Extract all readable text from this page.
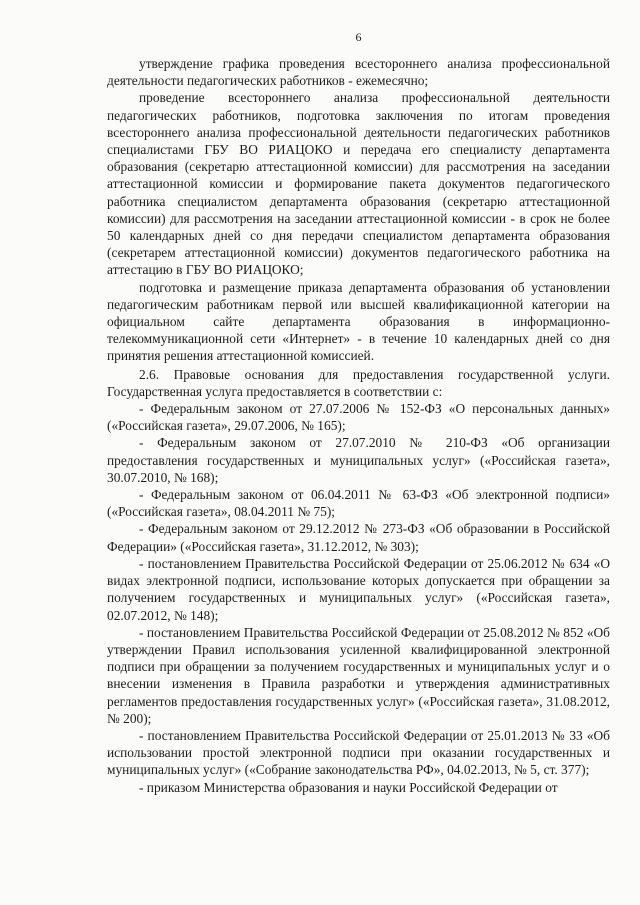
6

утверждение графика проведения всестороннего анализа профессиональной деятельности педагогических работников - ежемесячно;

проведение всестороннего анализа профессиональной деятельности педагогических работников, подготовка заключения по итогам проведения всестороннего анализа профессиональной деятельности педагогических работников специалистами ГБУ ВО РИАЦОКО и передача его специалисту департамента образования (секретарю аттестационной комиссии) для рассмотрения на заседании аттестационной комиссии и формирование пакета документов педагогического работника специалистом департамента образования (секретарю аттестационной комиссии) для рассмотрения на заседании аттестационной комиссии - в срок не более 50 календарных дней со дня передачи специалистом департамента образования (секретарем аттестационной комиссии) документов педагогического работника на аттестацию в ГБУ ВО РИАЦОКО;

подготовка и размещение приказа департамента образования об установлении педагогическим работникам первой или высшей квалификационной категории на официальном сайте департамента образования в информационно-телекоммуникационной сети «Интернет» - в течение 10 календарных дней со дня принятия решения аттестационной комиссией.

2.6. Правовые основания для предоставления государственной услуги. Государственная услуга предоставляется в соответствии с:

- Федеральным законом от 27.07.2006 № 152-ФЗ «О персональных данных» («Российская газета», 29.07.2006, № 165);

- Федеральным законом от 27.07.2010 № 210-ФЗ «Об организации предоставления государственных и муниципальных услуг» («Российская газета», 30.07.2010, № 168);

- Федеральным законом от 06.04.2011 № 63-ФЗ «Об электронной подписи» («Российская газета», 08.04.2011 № 75);

- Федеральным законом от 29.12.2012 № 273-ФЗ «Об образовании в Российской Федерации» («Российская газета», 31.12.2012, № 303);

- постановлением Правительства Российской Федерации от 25.06.2012 № 634 «О видах электронной подписи, использование которых допускается при обращении за получением государственных и муниципальных услуг» («Российская газета», 02.07.2012, № 148);

- постановлением Правительства Российской Федерации от 25.08.2012 № 852 «Об утверждении Правил использования усиленной квалифицированной электронной подписи при обращении за получением государственных и муниципальных услуг и о внесении изменения в Правила разработки и утверждения административных регламентов предоставления государственных услуг» («Российская газета», 31.08.2012, № 200);

- постановлением Правительства Российской Федерации от 25.01.2013 № 33 «Об использовании простой электронной подписи при оказании государственных и муниципальных услуг» («Собрание законодательства РФ», 04.02.2013, № 5, ст. 377);

- приказом Министерства образования и науки Российской Федерации от
